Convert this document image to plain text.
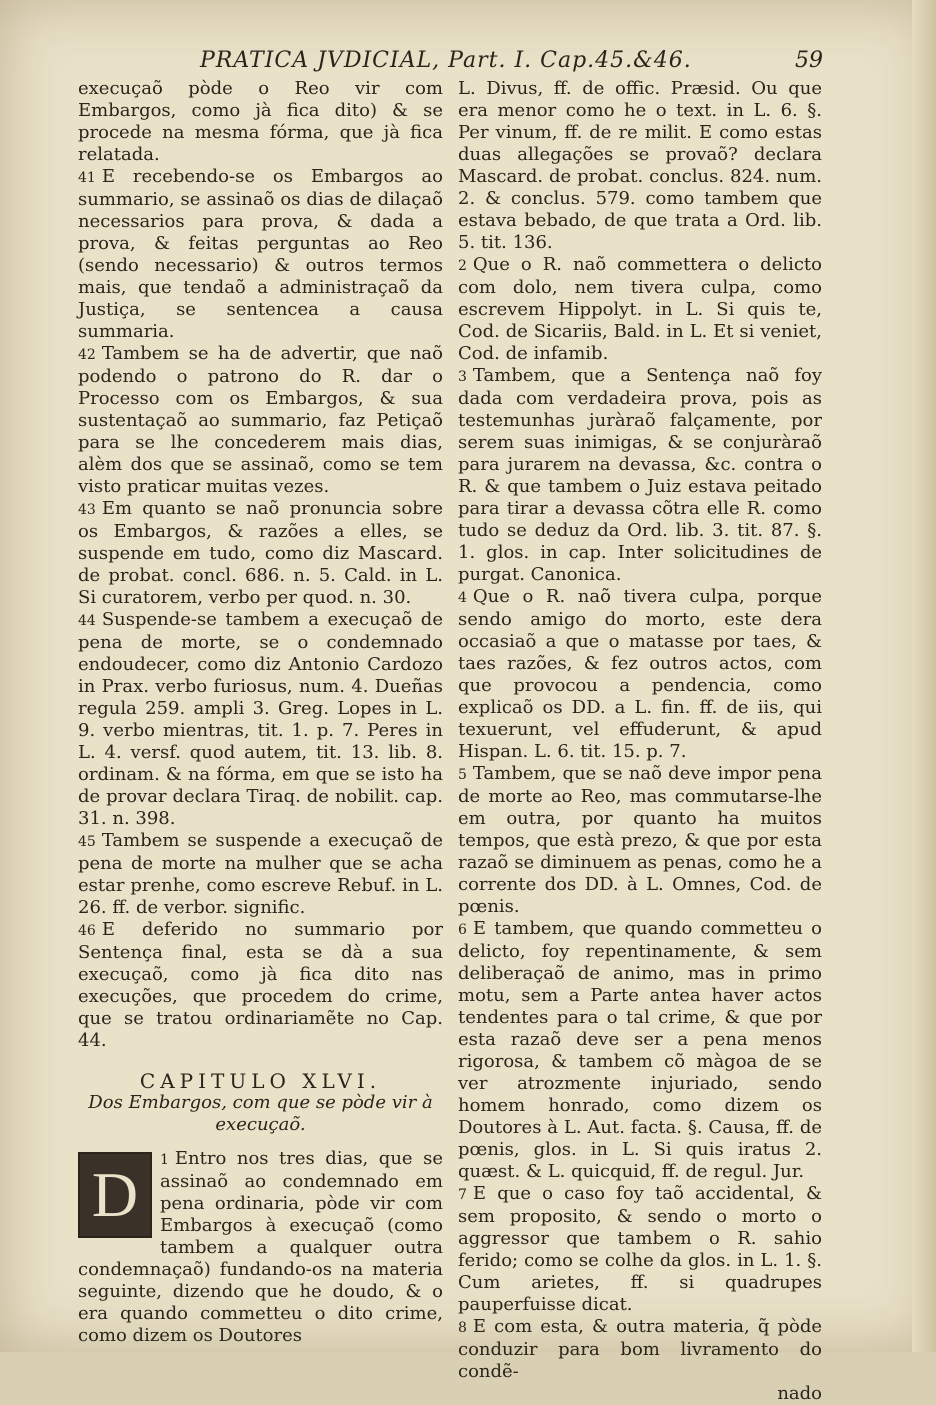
PRATICA JVDICIAL, Part. I. Cap.45.&46.	59

execuçaõ pòde o Reo vir com Embargos, como jà fica dito) & se procede na mesma fórma, que jà fica relatada.

41 E recebendo-se os Embargos ao summario, se assinaõ os dias de dilaçaõ necessarios para prova, & dada a prova, & feitas perguntas ao Reo (sendo necessario) & outros termos mais, que tendaõ a administraçaõ da Justiça, se sentencea a causa summaria.

42 Tambem se ha de advertir, que naõ podendo o patrono do R. dar o Processo com os Embargos, & sua sustentaçaõ ao summario, faz Petiçaõ para se lhe concederem mais dias, alèm dos que se assinaõ, como se tem visto praticar muitas vezes.

43 Em quanto se naõ pronuncia sobre os Embargos, & razões a elles, se suspende em tudo, como diz Mascard. de probat. concl. 686. n. 5. Cald. in L. Si curatorem, verbo per quod. n. 30.

44 Suspende-se tambem a execuçaõ de pena de morte, se o condemnado endoudecer, como diz Antonio Cardozo in Prax. verbo furiosus, num. 4. Dueñas regula 259. ampli 3. Greg. Lopes in L. 9. verbo mientras, tit. 1. p. 7. Peres in L. 4. versf. quod autem, tit. 13. lib. 8. ordinam. & na fórma, em que se isto ha de provar declara Tiraq. de nobilit. cap. 31. n. 398.

45 Tambem se suspende a execuçaõ de pena de morte na mulher que se acha estar prenhe, como escreve Rebuf. in L. 26. ff. de verbor. signific.

46 E deferido no summario por Sentença final, esta se dà a sua execuçaõ, como jà fica dito nas execuções, que procedem do crime, que se tratou ordinariamẽte no Cap. 44.

CAPITULO XLVI.
Dos Embargos, com que se pòde vir à execuçaõ.

1
D
Entro nos tres dias, que se assinaõ ao condemnado em pena ordinaria, pòde vir com Embargos à execuçaõ (como tambem a qualquer outra condemnaçaõ) fundando-os na materia seguinte, dizendo que he doudo, & o era quando commetteu o dito crime, como dizem os Doutores

L. Divus, ff. de offic. Præsid. Ou que era menor como he o text. in L. 6. §. Per vinum, ff. de re milit. E como estas duas allegações se provaõ? declara Mascard. de probat. conclus. 824. num. 2. & conclus. 579. como tambem que estava bebado, de que trata a Ord. lib. 5. tit. 136.

2 Que o R. naõ commettera o delicto com dolo, nem tivera culpa, como escrevem Hippolyt. in L. Si quis te, Cod. de Sicariis, Bald. in L. Et si veniet, Cod. de infamib.

3 Tambem, que a Sentença naõ foy dada com verdadeira prova, pois as testemunhas juràraõ falçamente, por serem suas inimigas, & se conjuràraõ para jurarem na devassa, &c. contra o R. & que tambem o Juiz estava peitado para tirar a devassa cõtra elle R. como tudo se deduz da Ord. lib. 3. tit. 87. §. 1. glos. in cap. Inter solicitudines de purgat. Canonica.

4 Que o R. naõ tivera culpa, porque sendo amigo do morto, este dera occasiaõ a que o matasse por taes, & taes razões, & fez outros actos, com que provocou a pendencia, como explicaõ os DD. a L. fin. ff. de iis, qui texuerunt, vel effuderunt, & apud Hispan. L. 6. tit. 15. p. 7.

5 Tambem, que se naõ deve impor pena de morte ao Reo, mas commutarse-lhe em outra, por quanto ha muitos tempos, que està prezo, & que por esta razaõ se diminuem as penas, como he a corrente dos DD. à L. Omnes, Cod. de pœnis.

6 E tambem, que quando commetteu o delicto, foy repentinamente, & sem deliberaçaõ de animo, mas in primo motu, sem a Parte antea haver actos tendentes para o tal crime, & que por esta razaõ deve ser a pena menos rigorosa, & tambem cõ màgoa de se ver atrozmente injuriado, sendo homem honrado, como dizem os Doutores à L. Aut. facta. §. Causa, ff. de pœnis, glos. in L. Si quis iratus 2. quæst. & L. quicquid, ff. de regul. Jur.

7 E que o caso foy taõ accidental, & sem proposito, & sendo o morto o aggressor que tambem o R. sahio ferido; como se colhe da glos. in L. 1. §. Cum arietes, ff. si quadrupes pauperfuisse dicat.

8 E com esta, & outra materia, q̃ pòde conduzir para bom livramento do condẽ-

nado
